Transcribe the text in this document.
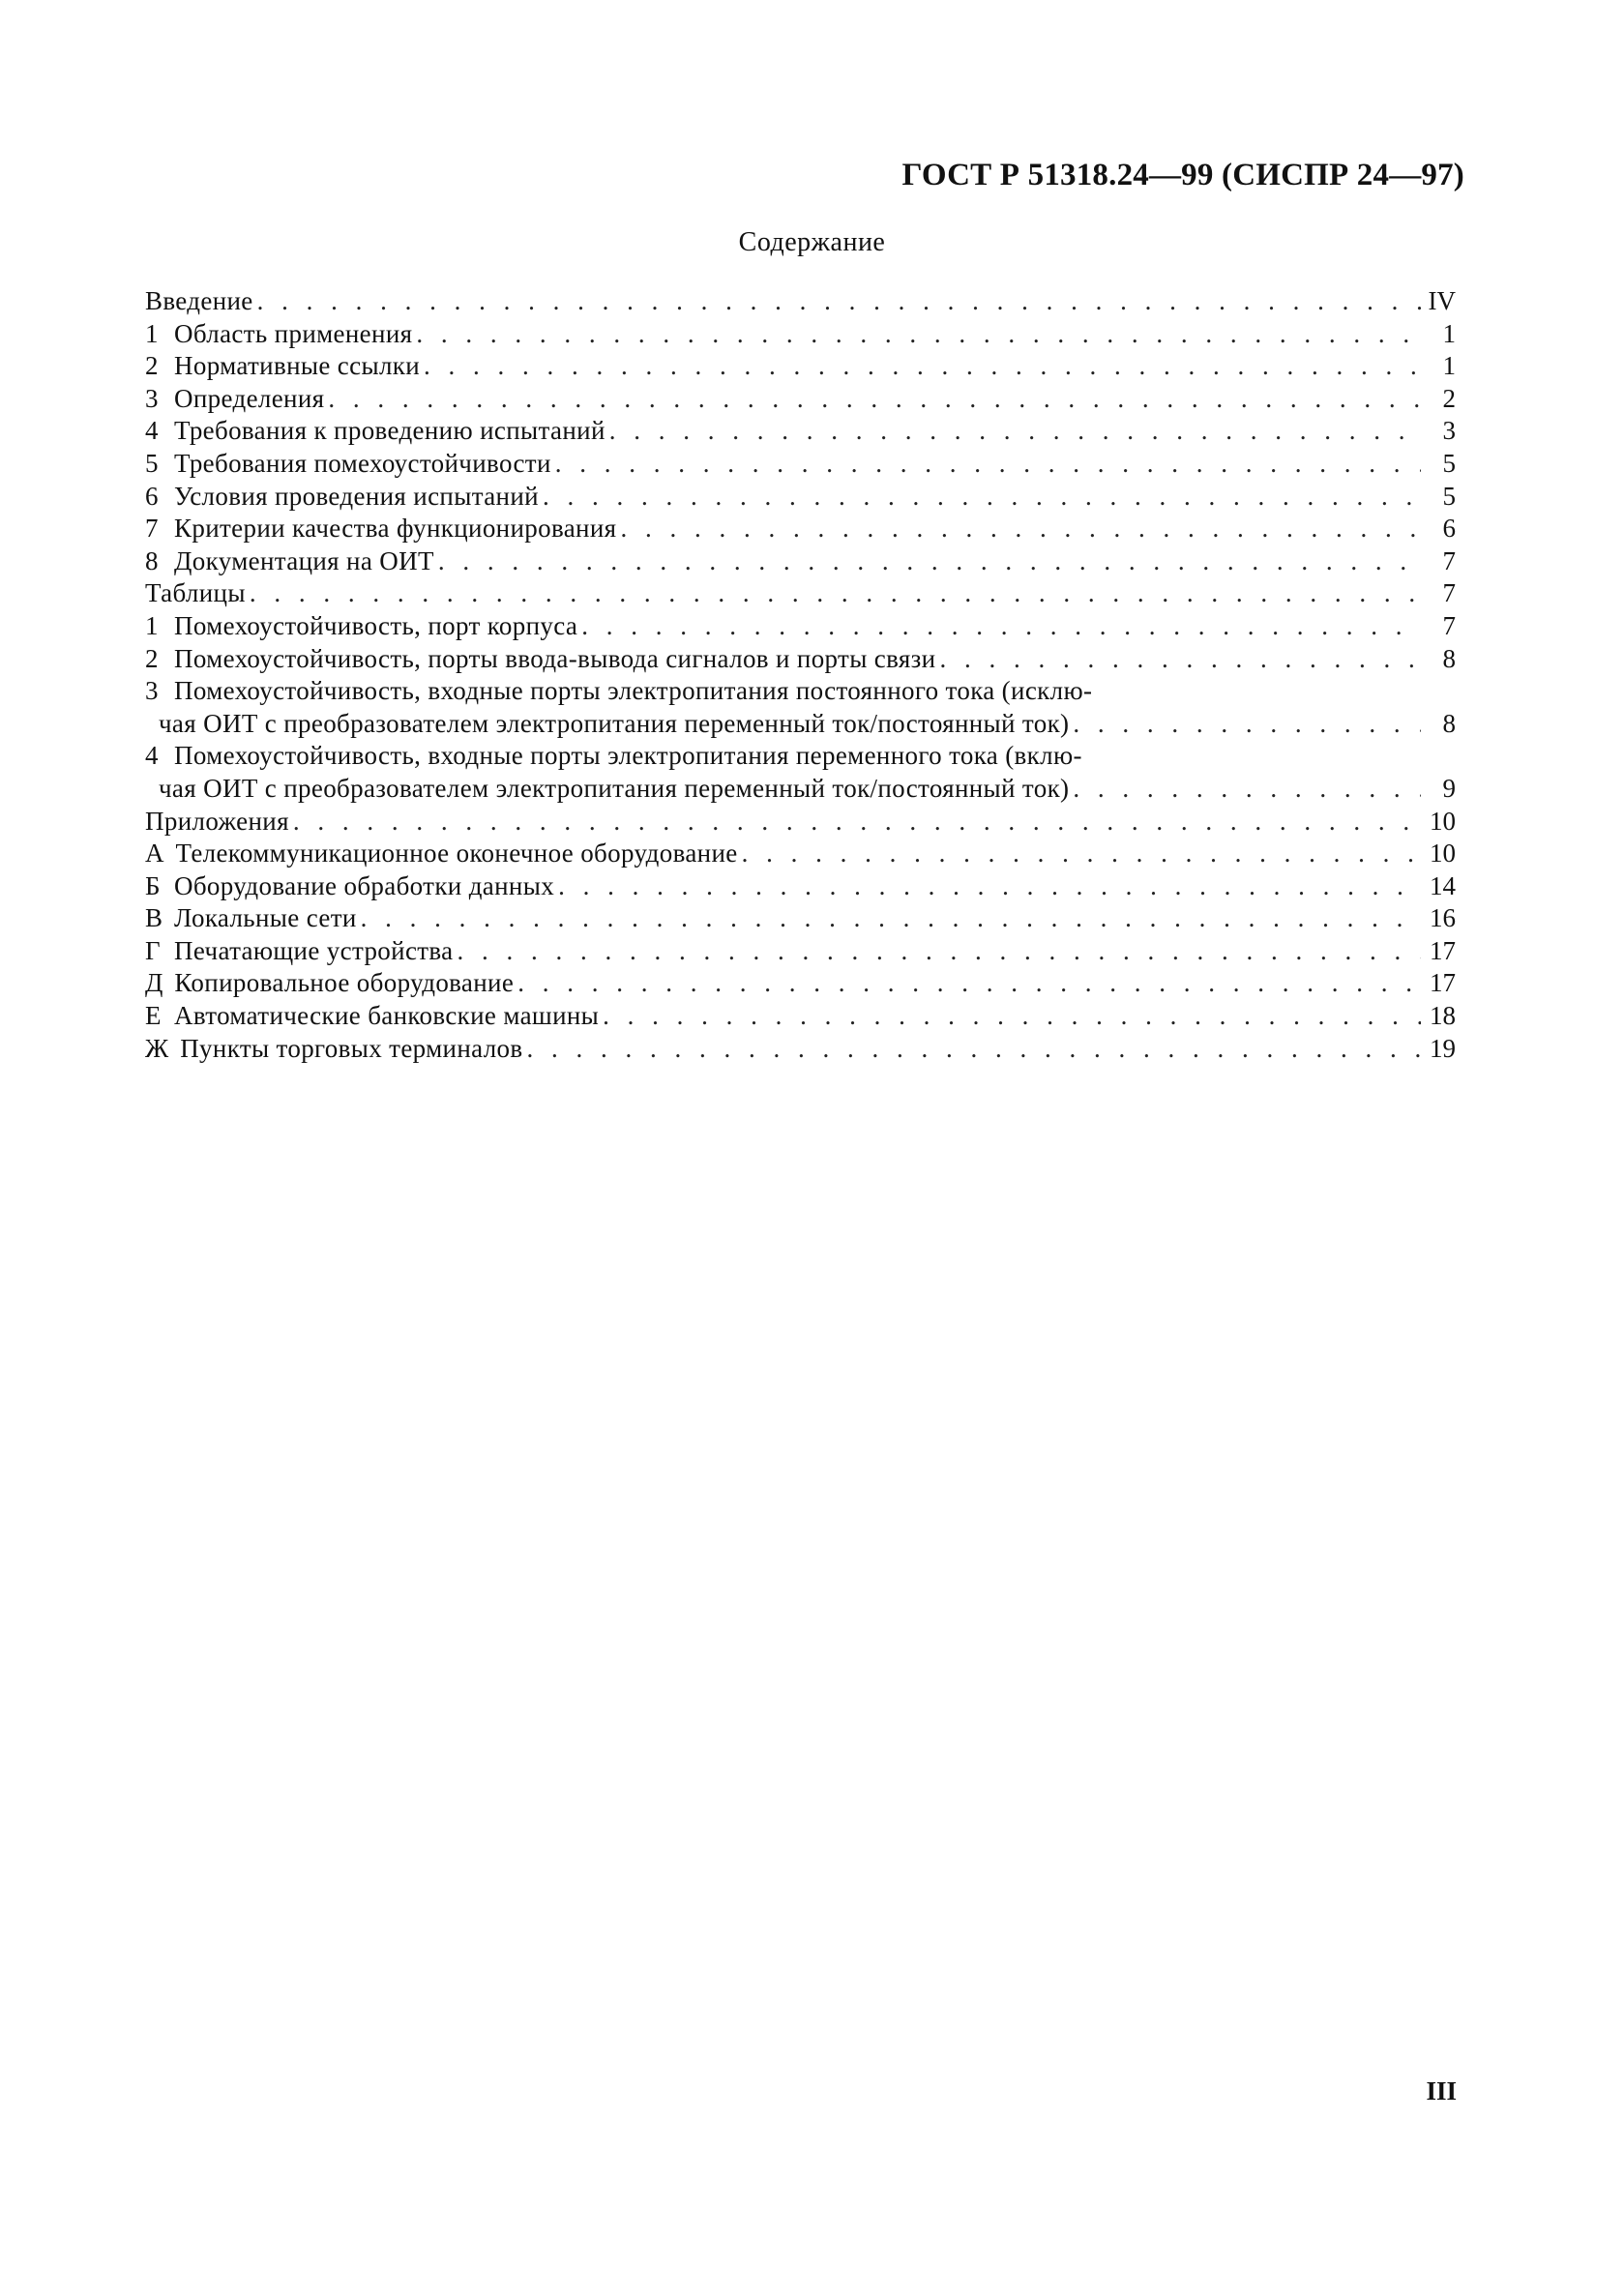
ГОСТ Р 51318.24—99 (СИСПР 24—97)
Содержание
Введение . . .	IV
1 Область применения . . .	1
2 Нормативные ссылки . . .	1
3 Определения . . .	2
4 Требования к проведению испытаний . . .	3
5 Требования помехоустойчивости . . .	5
6 Условия проведения испытаний . . .	5
7 Критерии качества функционирования . . .	6
8 Документация на ОИТ . . .	7
Таблицы . . .	7
1 Помехоустойчивость, порт корпуса . . .	7
2 Помехоустойчивость, порты ввода-вывода сигналов и порты связи . . .	8
3 Помехоустойчивость, входные порты электропитания постоянного тока (исклю-
чая ОИТ с преобразователем электропитания переменный ток/постоянный ток) . . .	8
4 Помехоустойчивость, входные порты электропитания переменного тока (вклю-
чая ОИТ с преобразователем электропитания переменный ток/постоянный ток) . . .	9
Приложения . . .	10
А Телекоммуникационное оконечное оборудование . . .	10
Б Оборудование обработки данных . . .	14
В Локальные сети . . .	16
Г Печатающие устройства . . .	17
Д Копировальное оборудование . . .	17
Е Автоматические банковские машины . . .	18
Ж Пункты торговых терминалов . . .	19
III
